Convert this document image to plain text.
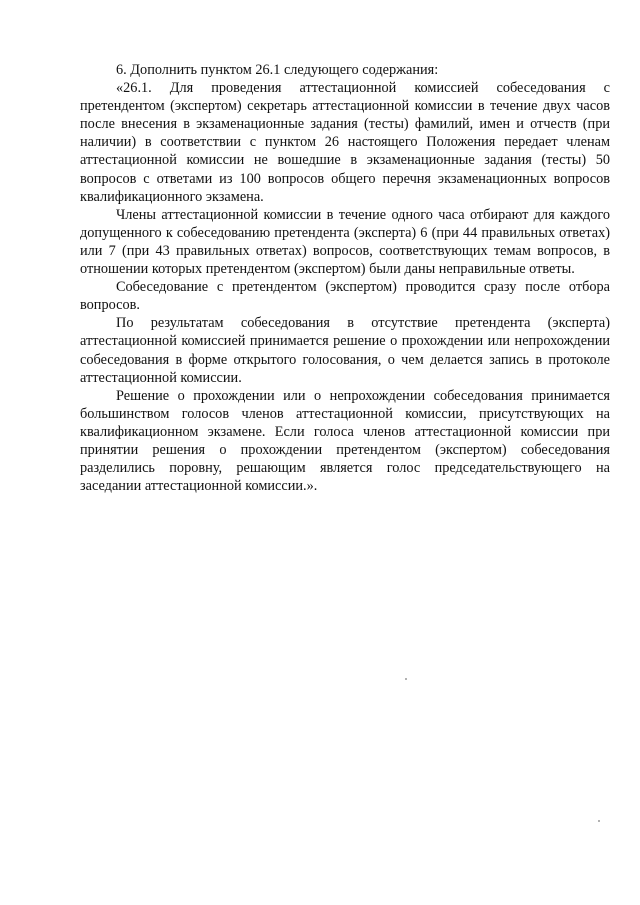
6. Дополнить пунктом 26.1 следующего содержания:

«26.1. Для проведения аттестационной комиссией собеседования с претендентом (экспертом) секретарь аттестационной комиссии в течение двух часов после внесения в экзаменационные задания (тесты) фамилий, имен и отчеств (при наличии) в соответствии с пунктом 26 настоящего Положения передает членам аттестационной комиссии не вошедшие в экзаменационные задания (тесты) 50 вопросов с ответами из 100 вопросов общего перечня экзаменационных вопросов квалификационного экзамена.

Члены аттестационной комиссии в течение одного часа отбирают для каждого допущенного к собеседованию претендента (эксперта) 6 (при 44 правильных ответах) или 7 (при 43 правильных ответах) вопросов, соответствующих темам вопросов, в отношении которых претендентом (экспертом) были даны неправильные ответы.

Собеседование с претендентом (экспертом) проводится сразу после отбора вопросов.

По результатам собеседования в отсутствие претендента (эксперта) аттестационной комиссией принимается решение о прохождении или непрохождении собеседования в форме открытого голосования, о чем делается запись в протоколе аттестационной комиссии.

Решение о прохождении или о непрохождении собеседования принимается большинством голосов членов аттестационной комиссии, присутствующих на квалификационном экзамене. Если голоса членов аттестационной комиссии при принятии решения о прохождении претендентом (экспертом) собеседования разделились поровну, решающим является голос председательствующего на заседании аттестационной комиссии.».
